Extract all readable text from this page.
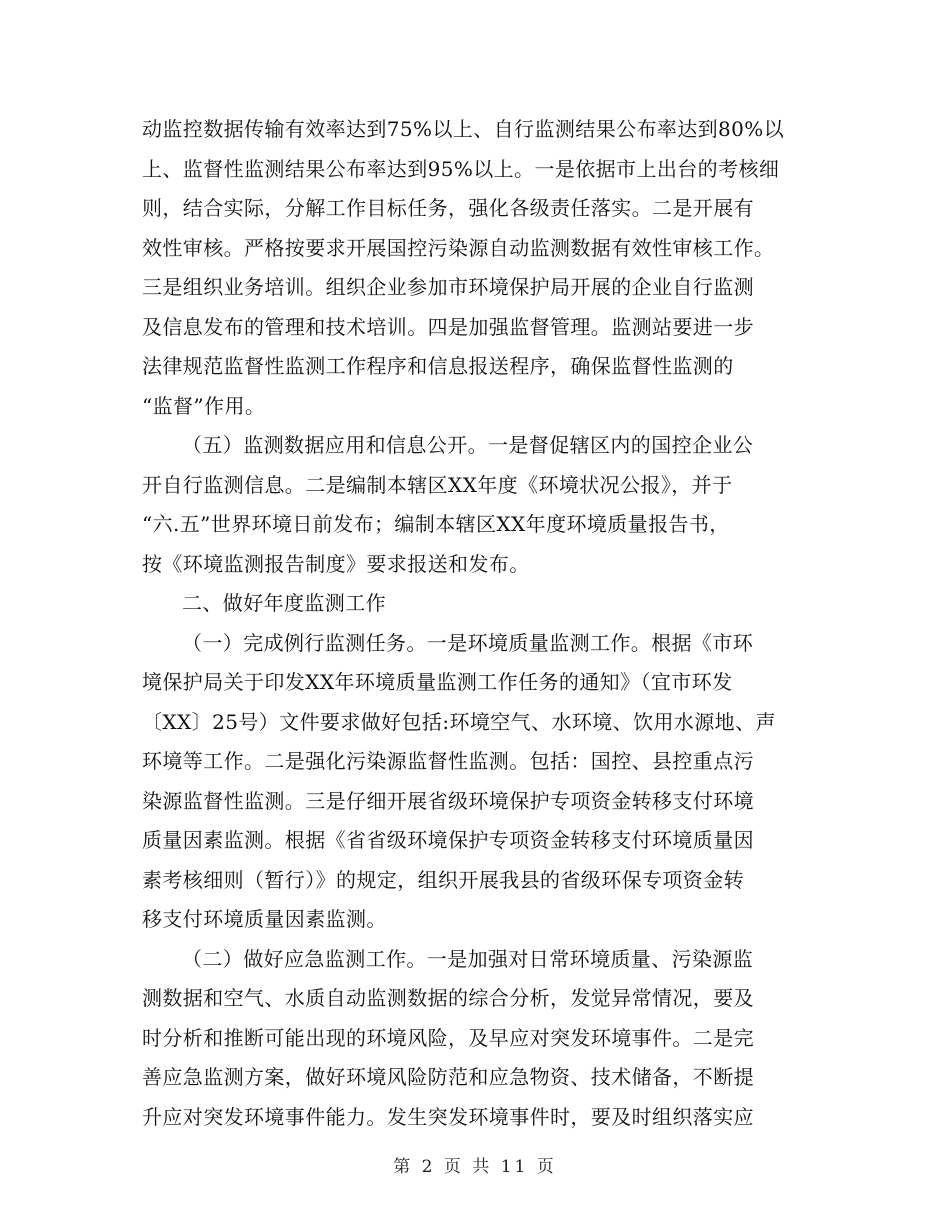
动监控数据传输有效率达到75%以上、自行监测结果公布率达到80%以
上、监督性监测结果公布率达到95%以上。一是依据市上出台的考核细
则，结合实际，分解工作目标任务，强化各级责任落实。二是开展有
效性审核。严格按要求开展国控污染源自动监测数据有效性审核工作。
三是组织业务培训。组织企业参加市环境保护局开展的企业自行监测
及信息发布的管理和技术培训。四是加强监督管理。监测站要进一步
法律规范监督性监测工作程序和信息报送程序，确保监督性监测的
“监督”作用。
（五）监测数据应用和信息公开。一是督促辖区内的国控企业公
开自行监测信息。二是编制本辖区XX年度《环境状况公报》，并于
“六.五”世界环境日前发布；编制本辖区XX年度环境质量报告书，
按《环境监测报告制度》要求报送和发布。
二、做好年度监测工作
（一）完成例行监测任务。一是环境质量监测工作。根据《市环
境保护局关于印发XX年环境质量监测工作任务的通知》（宜市环发
〔XX〕25号）文件要求做好包括:环境空气、水环境、饮用水源地、声
环境等工作。二是强化污染源监督性监测。包括：国控、县控重点污
染源监督性监测。三是仔细开展省级环境保护专项资金转移支付环境
质量因素监测。根据《省省级环境保护专项资金转移支付环境质量因
素考核细则（暂行）》的规定，组织开展我县的省级环保专项资金转
移支付环境质量因素监测。
（二）做好应急监测工作。一是加强对日常环境质量、污染源监
测数据和空气、水质自动监测数据的综合分析，发觉异常情况，要及
时分析和推断可能出现的环境风险，及早应对突发环境事件。二是完
善应急监测方案，做好环境风险防范和应急物资、技术储备，不断提
升应对突发环境事件能力。发生突发环境事件时，要及时组织落实应
第 2 页 共 11 页
